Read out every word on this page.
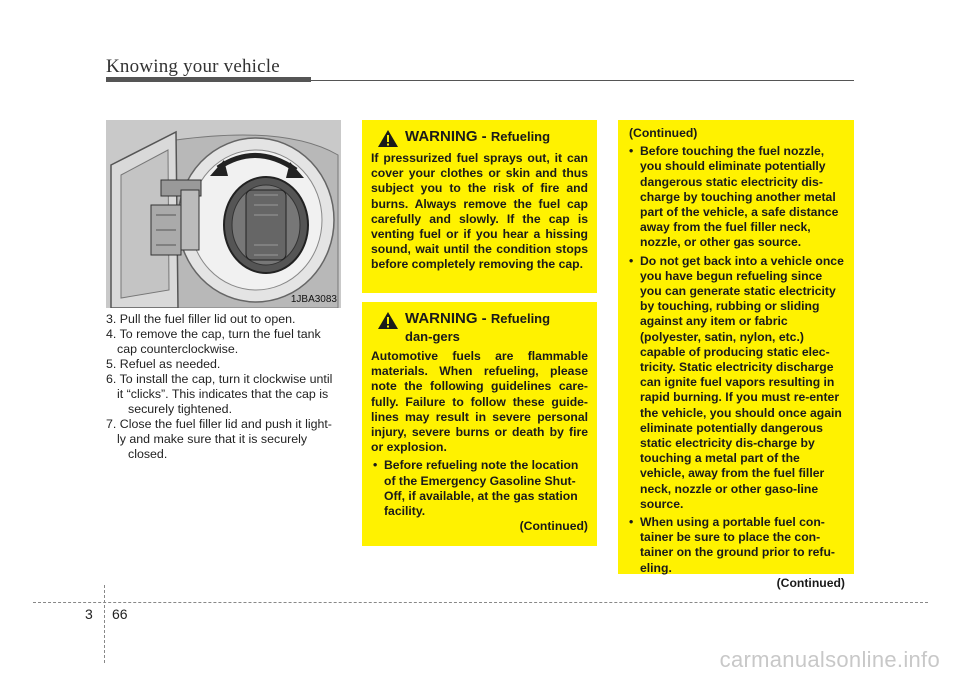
Knowing your vehicle
1JBA3083

3. Pull the fuel filler lid out to open.

4. To remove the cap, turn the fuel tank
cap counterclockwise.

5. Refuel as needed.

6. To install the cap, turn it clockwise until
it “clicks”. This indicates that the cap is securely tightened.

7. Close the fuel filler lid and push it light-
ly and make sure that it is securely closed.

WARNING - Refueling

If pressurized fuel sprays out, it can cover your clothes or skin and thus subject you to the risk of fire and burns. Always remove the fuel cap carefully and slowly. If the cap is venting fuel or if you hear a hissing sound, wait until the condition stops before completely removing the cap.

WARNING - Refueling dan-gers

Automotive fuels are flammable materials. When refueling, please note the following guidelines care-fully. Failure to follow these guide-lines may result in severe personal injury, severe burns or death by fire or explosion.

• Before refueling note the location of the Emergency Gasoline Shut-Off, if available, at the gas station facility.

(Continued)

(Continued)

• Before touching the fuel nozzle, you should eliminate potentially dangerous static electricity dis-charge by touching another metal part of the vehicle, a safe distance away from the fuel filler neck, nozzle, or other gas source.

• Do not get back into a vehicle once you have begun refueling since you can generate static electricity by touching, rubbing or sliding against any item or fabric (polyester, satin, nylon, etc.) capable of producing static elec-tricity. Static electricity discharge can ignite fuel vapors resulting in rapid burning. If you must re-enter the vehicle, you should once again eliminate potentially dangerous static electricity dis-charge by touching a metal part of the vehicle, away from the fuel filler neck, nozzle or other gaso-line source.

• When using a portable fuel con-tainer be sure to place the con-tainer on the ground prior to refu-eling.

(Continued)

3 66
carmanualsonline.info
